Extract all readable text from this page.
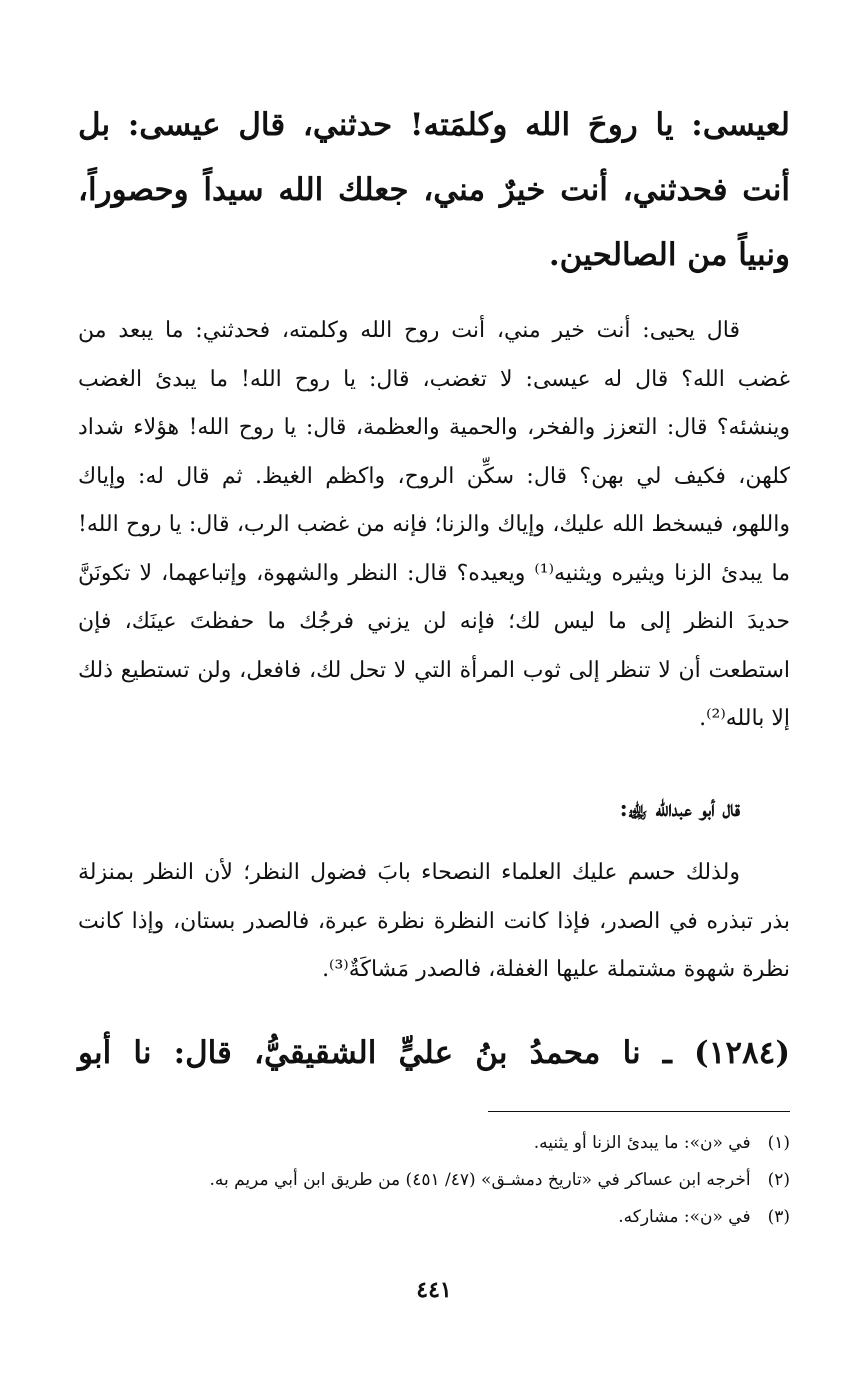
لعيسى: يا روحَ الله وكلمَته! حدثني، قال عيسى: بل أنت فحدثني، أنت خيرٌ مني، جعلك الله سيداً وحصوراً، ونبياً من الصالحين.

قال يحيى: أنت خير مني، أنت روح الله وكلمته، فحدثني: ما يبعد من غضب الله؟ قال له عيسى: لا تغضب، قال: يا روح الله! ما يبدئ الغضب وينشئه؟ قال: التعزز والفخر، والحمية والعظمة، قال: يا روح الله! هؤلاء شداد كلهن، فكيف لي بهن؟ قال: سكِّن الروح، واكظم الغيظ. ثم قال له: وإياك واللهو، فيسخط الله عليك، وإياك والزنا؛ فإنه من غضب الرب، قال: يا روح الله! ما يبدئ الزنا ويثيره ويثنيه⁽¹⁾ ويعيده؟ قال: النظر والشهوة، وإتباعهما، لا تكونَنَّ حديدَ النظر إلى ما ليس لك؛ فإنه لن يزني فرجُك ما حفظتَ عينَك، فإن استطعت أن لا تنظر إلى ثوب المرأة التي لا تحل لك، فافعل، ولن تستطيع ذلك إلا بالله⁽²⁾.

قال أبو عبدالله ﵀:

ولذلك حسم عليك العلماء النصحاء بابَ فضول النظر؛ لأن النظر بمنزلة بذر تبذره في الصدر، فإذا كانت النظرة نظرة عبرة، فالصدر بستان، وإذا كانت نظرة شهوة مشتملة عليها الغفلة، فالصدر مَشاكَةٌ⁽³⁾.

(١٢٨٤) ـ نا محمدُ بنُ عليٍّ الشقيقيُّ، قال: نا أبو

(١) في «ن»: ما يبدئ الزنا أو يثنيه.
(٢) أخرجه ابن عساكر في «تاريخ دمشـق» (٤٧/ ٤٥١) من طريق ابن أبي مريم به.
(٣) في «ن»: مشاركه.
٤٤١
